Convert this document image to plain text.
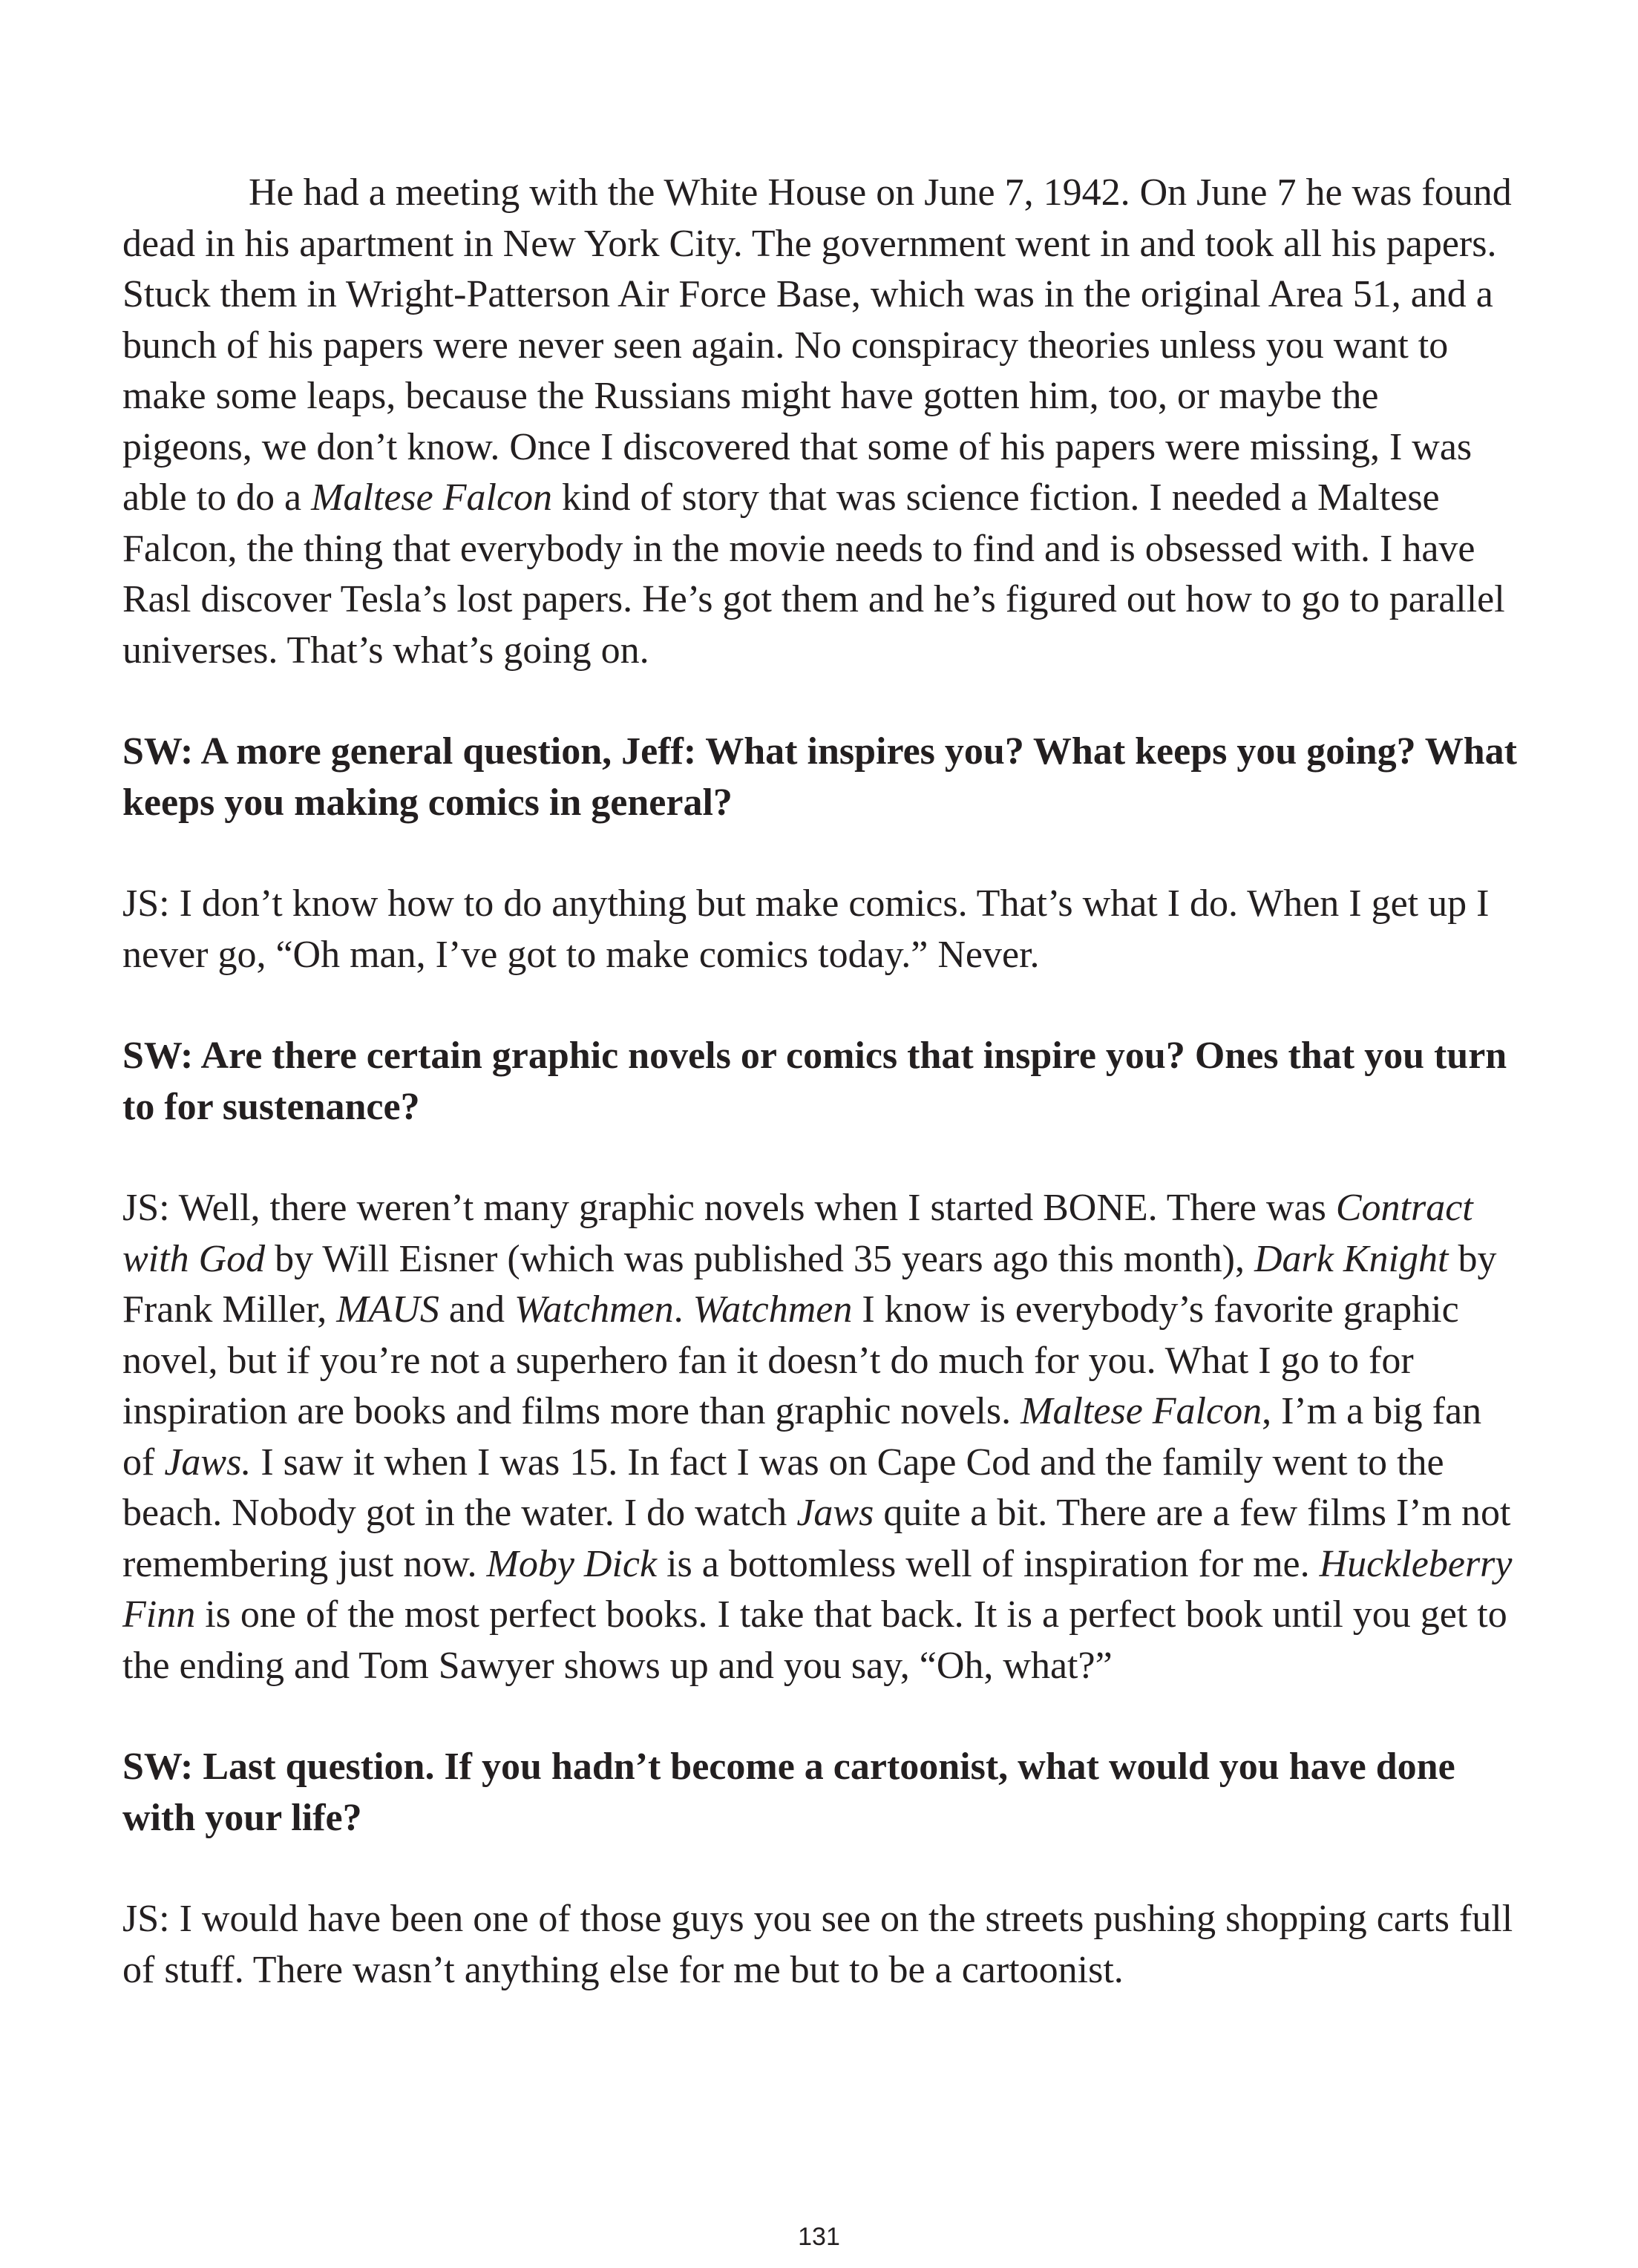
He had a meeting with the White House on June 7, 1942. On June 7 he was found dead in his apartment in New York City. The government went in and took all his papers. Stuck them in Wright-Patterson Air Force Base, which was in the original Area 51, and a bunch of his papers were never seen again. No conspiracy theories unless you want to make some leaps, because the Russians might have gotten him, too, or maybe the pigeons, we don’t know. Once I discovered that some of his papers were missing, I was able to do a Maltese Falcon kind of story that was science fiction. I needed a Maltese Falcon, the thing that everybody in the movie needs to find and is obsessed with. I have Rasl discover Tesla’s lost papers. He’s got them and he’s figured out how to go to parallel universes. That’s what’s going on.

SW: A more general question, Jeff: What inspires you? What keeps you going? What keeps you making comics in general?

JS: I don’t know how to do anything but make comics. That’s what I do. When I get up I never go, “Oh man, I’ve got to make comics today.” Never.

SW: Are there certain graphic novels or comics that inspire you? Ones that you turn to for sustenance?

JS: Well, there weren’t many graphic novels when I started BONE. There was Contract with God by Will Eisner (which was published 35 years ago this month), Dark Knight by Frank Miller, MAUS and Watchmen. Watchmen I know is everybody’s favorite graphic novel, but if you’re not a superhero fan it doesn’t do much for you. What I go to for inspiration are books and films more than graphic novels. Maltese Falcon, I’m a big fan of Jaws. I saw it when I was 15. In fact I was on Cape Cod and the family went to the beach. Nobody got in the water. I do watch Jaws quite a bit. There are a few films I’m not remembering just now. Moby Dick is a bottomless well of inspiration for me. Huckleberry Finn is one of the most perfect books. I take that back. It is a perfect book until you get to the ending and Tom Sawyer shows up and you say, “Oh, what?”

SW: Last question. If you hadn’t become a cartoonist, what would you have done with your life?

JS: I would have been one of those guys you see on the streets pushing shopping carts full of stuff. There wasn’t anything else for me but to be a cartoonist.

131
